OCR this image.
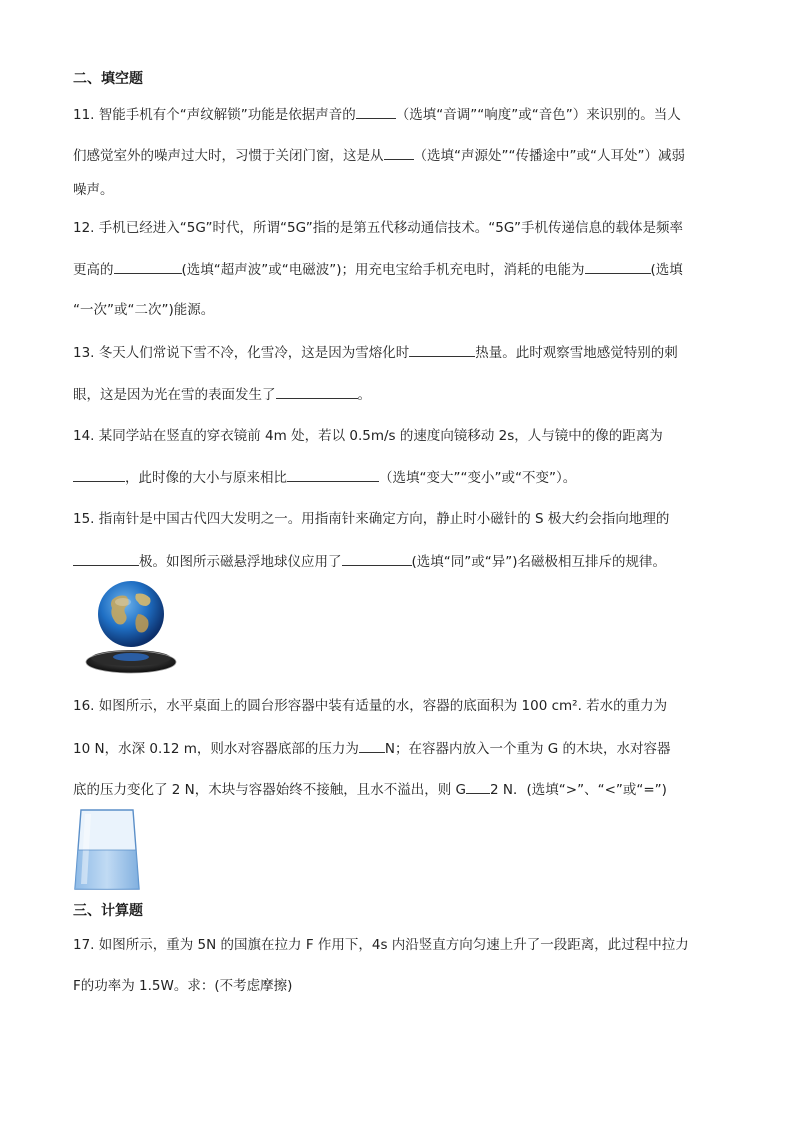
二、填空题
11. 智能手机有个“声纹解锁”功能是依据声音的	（选填“音调”“响度”或“音色”）来识别的。当人
们感觉室外的噪声过大时，习惯于关闭门窗，这是从 （选填“声源处”“传播途中”或“人耳处”）减弱
噪声。
12. 手机已经进入“5G”时代，所谓“5G”指的是第五代移动通信技术。“5G”手机传递信息的载体是频率
更高的	(选填“超声波”或“电磁波”)；用充电宝给手机充电时，消耗的电能为	(选填
“一次”或“二次”)能源。
13. 冬天人们常说下雪不冷，化雪冷，这是因为雪熔化时	热量。此时观察雪地感觉特别的刺
眼，这是因为光在雪的表面发生了	。
14. 某同学站在竖直的穿衣镜前 4m 处，若以 0.5m/s 的速度向镜移动 2s，人与镜中的像的距离为
，此时像的大小与原来相比	（选填“变大”“变小”或“不变”）。
15. 指南针是中国古代四大发明之一。用指南针来确定方向，静止时小磁针的 S 极大约会指向地理的
极。如图所示磁悬浮地球仪应用了	(选填“同”或“异”)名磁极相互排斥的规律。
16. 如图所示，水平桌面上的圆台形容器中装有适量的水，容器的底面积为 100 cm². 若水的重力为
10 N，水深 0.12 m，则水对容器底部的压力为 N；在容器内放入一个重为 G 的木块，水对容器
底的压力变化了 2 N，木块与容器始终不接触，且水不溢出，则 G 2 N．(选填“>”、“<”或“=”)
三、计算题
17. 如图所示，重为 5N 的国旗在拉力 F 作用下，4s 内沿竖直方向匀速上升了一段距离，此过程中拉力
F的功率为 1.5W。求：(不考虑摩擦)
